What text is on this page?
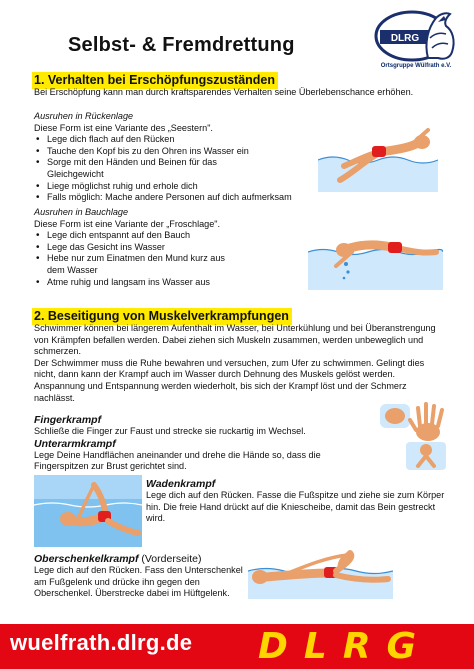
Selbst- & Fremdrettung	DLRG
Ortsgruppe Wülfrath e.V.
1. Verhalten bei Erschöpfungszuständen
Bei Erschöpfung kann man durch kraftsparendes Verhalten seine Überlebenschance erhöhen.
Ausruhen in Rückenlage
Diese Form ist eine Variante des „Seestern".
• Lege dich flach auf den Rücken
• Tauche den Kopf bis zu den Ohren ins Wasser ein
• Sorge mit den Händen und Beinen für das Gleichgewicht
• Liege möglichst ruhig und erhole dich
• Falls möglich: Mache andere Personen auf dich aufmerksam
Ausruhen in Bauchlage
Diese Form ist eine Variante der „Froschlage".
• Lege dich entspannt auf den Bauch
• Lege das Gesicht ins Wasser
• Hebe nur zum Einatmen den Mund kurz aus dem Wasser
• Atme ruhig und langsam ins Wasser aus
2. Beseitigung von Muskelverkrampfungen
Schwimmer können bei längerem Aufenthalt im Wasser, bei Unterkühlung und bei Überanstrengung von Krämpfen befallen werden. Dabei ziehen sich Muskeln zusammen, werden unbeweglich und schmerzen.
Der Schwimmer muss die Ruhe bewahren und versuchen, zum Ufer zu schwimmen. Gelingt dies nicht, dann kann der Krampf auch im Wasser durch Dehnung des Muskels gelöst werden.
Anspannung und Entspannung werden wiederholt, bis sich der Krampf löst und der Schmerz nachlässt.
Fingerkrampf
Schließe die Finger zur Faust und strecke sie ruckartig im Wechsel.
Unterarmkrampf
Lege Deine Handflächen aneinander und drehe die Hände so, dass die Fingerspitzen zur Brust gerichtet sind.
Wadenkrampf
Lege dich auf den Rücken. Fasse die Fußspitze und ziehe sie zum Körper hin. Die freie Hand drückt auf die Kniescheibe, damit das Bein gestreckt wird.
Oberschenkelkrampf (Vorderseite)
Lege dich auf den Rücken. Fass den Unterschenkel am Fußgelenk und drücke ihn gegen den Oberschenkel. Überstrecke dabei im Hüftgelenk.
wuelfrath.dlrg.de DLRG
